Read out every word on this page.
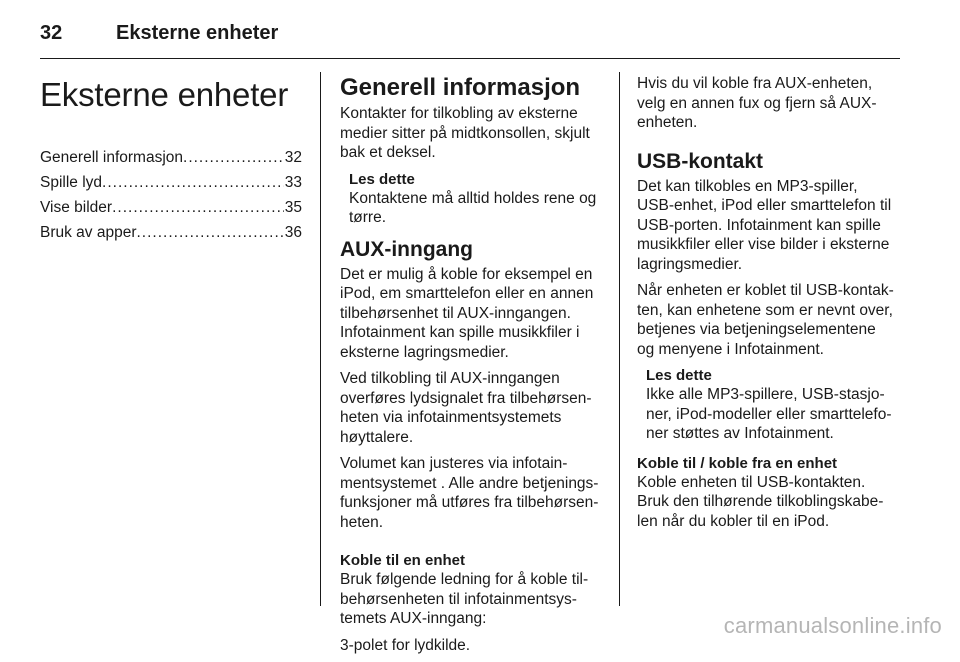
32	Eksterne enheter
Eksterne enheter
Generell informasjon .....	32
Spille lyd .....	33
Vise bilder .....	35
Bruk av apper .....	36
Generell informasjon

Kontakter for tilkobling av eksterne
medier sitter på midtkonsollen, skjult
bak et deksel.

Les dette

Kontaktene må alltid holdes rene og
tørre.

AUX-inngang

Det er mulig å koble for eksempel en
iPod, em smarttelefon eller en annen
tilbehørsenhet til AUX-inngangen.
Infotainment kan spille musikkfiler i
eksterne lagringsmedier.

Ved tilkobling til AUX-inngangen
overføres lydsignalet fra tilbehørsen-
heten via infotainmentsystemets
høyttalere.

Volumet kan justeres via infotain-
mentsystemet . Alle andre betjenings-
funksjoner må utføres fra tilbehørsen-
heten.

Koble til en enhet

Bruk følgende ledning for å koble til-
behørsenheten til infotainmentsys-
temets AUX-inngang:

3-polet for lydkilde.

Hvis du vil koble fra AUX-enheten,
velg en annen fux og fjern så AUX-
enheten.

USB-kontakt

Det kan tilkobles en MP3-spiller,
USB-enhet, iPod eller smarttelefon til
USB-porten. Infotainment kan spille
musikkfiler eller vise bilder i eksterne
lagringsmedier.

Når enheten er koblet til USB-kontak-
ten, kan enhetene som er nevnt over,
betjenes via betjeningselementene
og menyene i Infotainment.

Les dette

Ikke alle MP3-spillere, USB-stasjo-
ner, iPod-modeller eller smarttelefo-
ner støttes av Infotainment.

Koble til / koble fra en enhet

Koble enheten til USB-kontakten.
Bruk den tilhørende tilkoblingskabe-
len når du kobler til en iPod.

carmanualsonline.info
